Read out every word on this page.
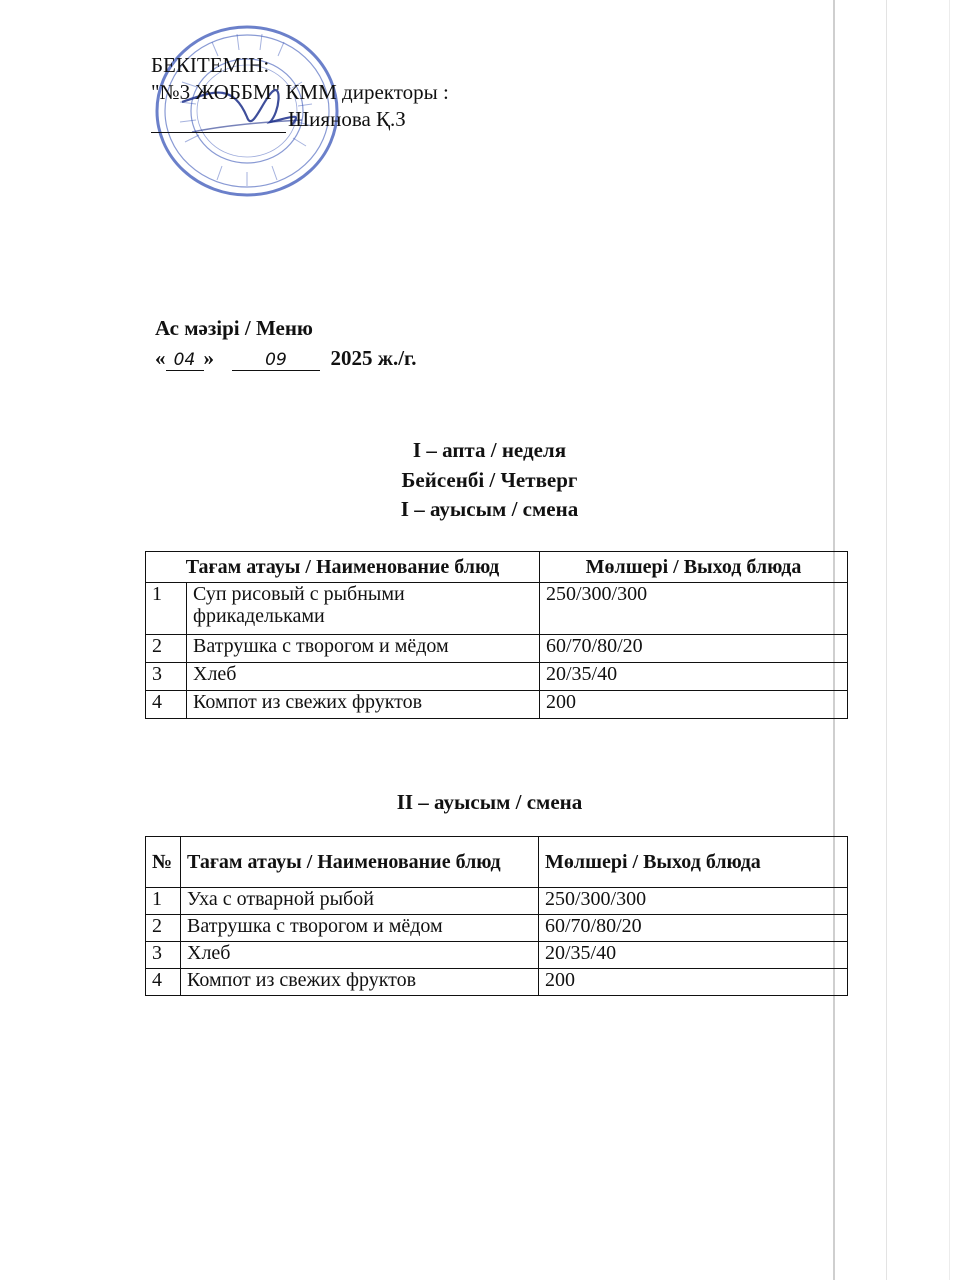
БЕКІТЕМІН:
"№3 ЖОББМ" КММ директоры :
Шиянова Қ.З
Ас мәзірі / Меню
« 04 »	09 2025 ж./г.
I – апта / неделя
Бейсенбі / Четверг
I – ауысым / смена
Тағам атауы / Наименование блюд		Мөлшері / Выход блюда
1	Суп рисовый с рыбными фрикадельками	250/300/300
2	Ватрушка с творогом и мёдом	60/70/80/20
3	Хлеб	20/35/40
4	Компот из свежих фруктов	200
II – ауысым / смена
№	Тағам атауы / Наименование блюд	Мөлшері / Выход блюда
1	Уха с отварной рыбой	250/300/300
2	Ватрушка с творогом и мёдом	60/70/80/20
3	Хлеб	20/35/40
4	Компот из свежих фруктов	200
